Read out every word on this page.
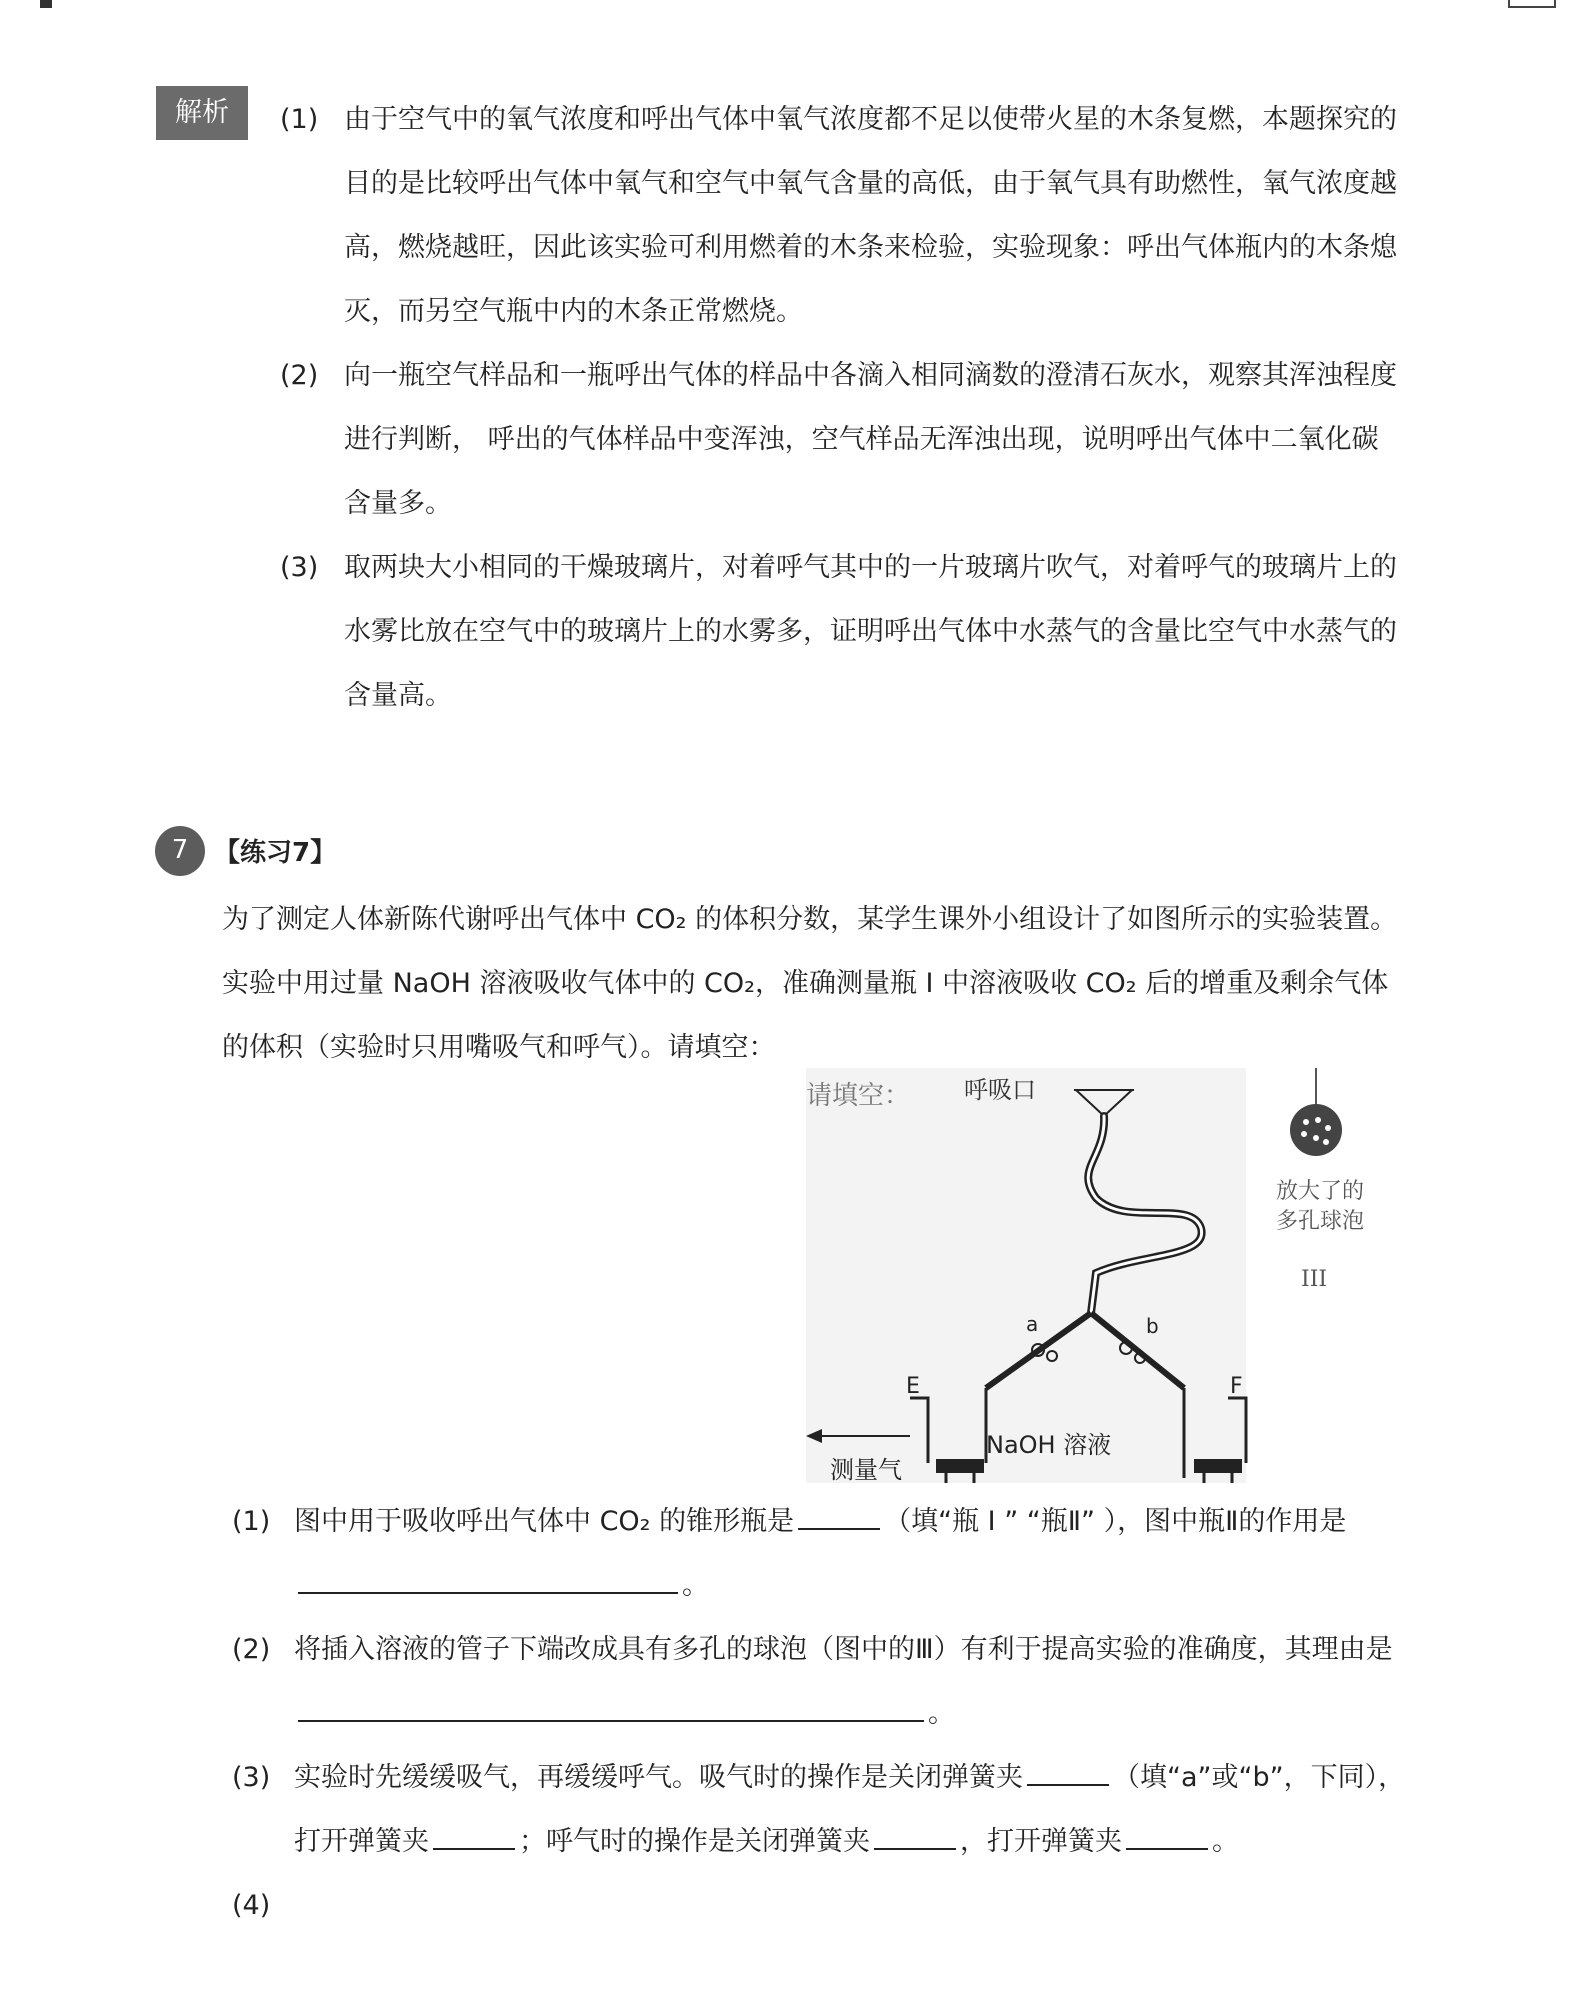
解析	(1) 由于空气中的氧气浓度和呼出气体中氧气浓度都不足以使带火星的木条复燃，本题探究的目的是比较呼出气体中氧气和空气中氧气含量的高低，由于氧气具有助燃性，氧气浓度越高，燃烧越旺，因此该实验可利用燃着的木条来检验，实验现象：呼出气体瓶内的木条熄灭，而另空气瓶中内的木条正常燃烧。
(2) 向一瓶空气样品和一瓶呼出气体的样品中各滴入相同滴数的澄清石灰水，观察其浑浊程度进行判断， 呼出的气体样品中变浑浊，空气样品无浑浊出现，说明呼出气体中二氧化碳含量多。
(3) 取两块大小相同的干燥玻璃片，对着呼气其中的一片玻璃片吹气，对着呼气的玻璃片上的水雾比放在空气中的玻璃片上的水雾多，证明呼出气体中水蒸气的含量比空气中水蒸气的含量高。
7 【练习7】
为了测定人体新陈代谢呼出气体中 CO₂ 的体积分数，某学生课外小组设计了如图所示的实验装置。实验中用过量 NaOH 溶液吸收气体中的 CO₂，准确测量瓶 I 中溶液吸收 CO₂ 后的增重及剩余气体的体积（实验时只用嘴吸气和呼气）。请填空：
请填空： 呼吸口
a	b
E
测量气
F
NaOH 溶液
放大了的
多孔球泡
III
(1) 图中用于吸收呼出气体中 CO₂ 的锥形瓶是	（填“瓶 I ” “瓶Ⅱ” ），图中瓶Ⅱ的作用是。
(2) 将插入溶液的管子下端改成具有多孔的球泡（图中的Ⅲ）有利于提高实验的准确度，其理由是。
(3) 实验时先缓缓吸气，再缓缓呼气。吸气时的操作是关闭弹簧夹	（填“a”或“b”，下同），打开弹簧夹	；呼气时的操作是关闭弹簧夹	，打开弹簧夹	。
(4)
